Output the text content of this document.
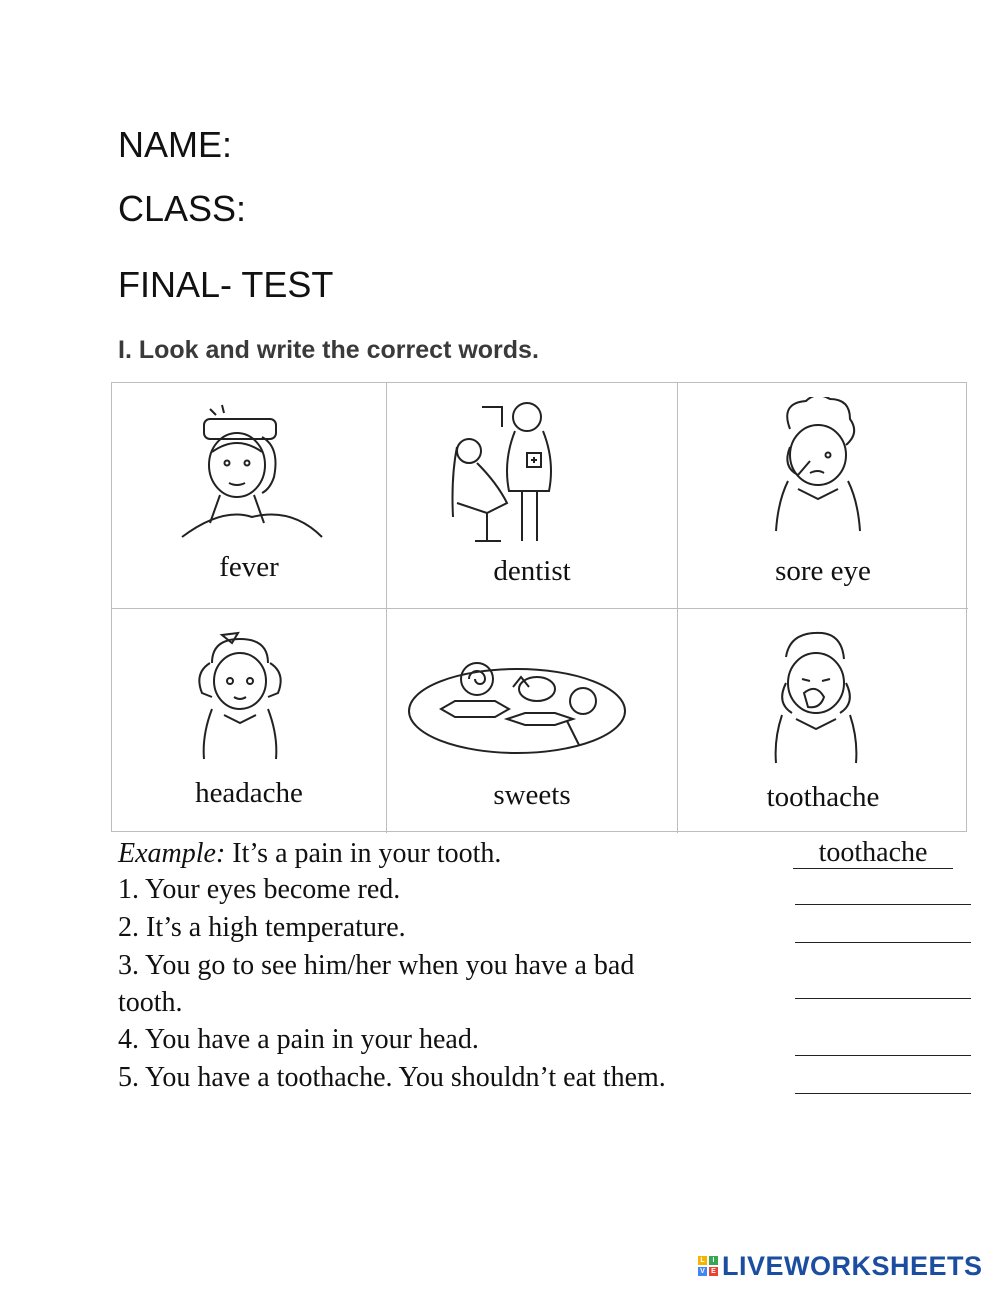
NAME:
CLASS:
FINAL- TEST
I. Look and write the correct words.
fever	dentist	sore eye
headache	sweets	toothache
Example: It’s a pain in your tooth.	toothache
1. Your eyes become red.
2. It’s a high temperature.
3. You go to see him/her when you have a bad
tooth.
4. You have a pain in your head.
5. You have a toothache. You shouldn’t eat them.
L	I
V E LIVEWORKSHEETS
